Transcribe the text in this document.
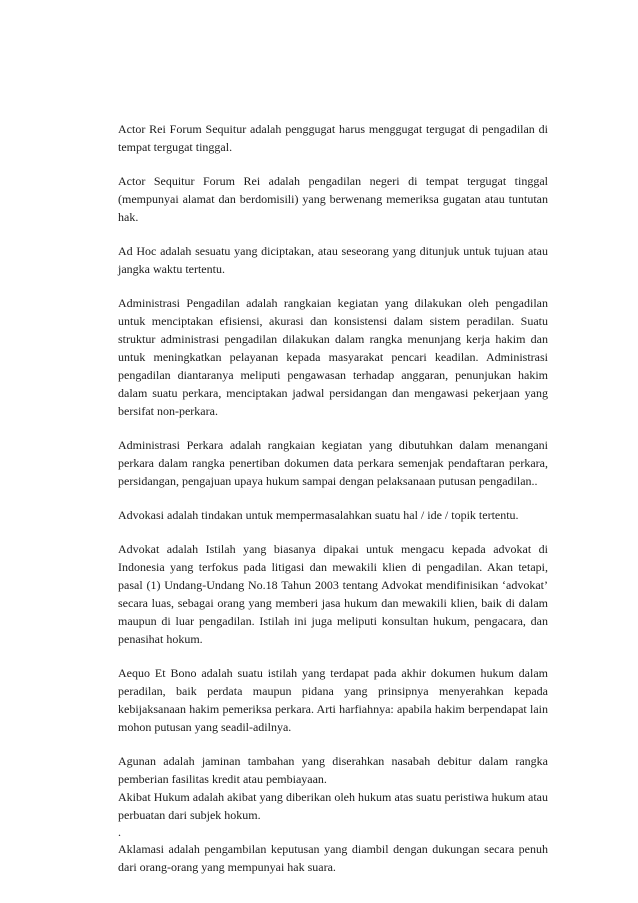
Actor Rei Forum Sequitur adalah penggugat harus menggugat tergugat di pengadilan di tempat tergugat tinggal.

Actor Sequitur Forum Rei adalah pengadilan negeri di tempat tergugat tinggal (mempunyai alamat dan berdomisili) yang berwenang memeriksa gugatan atau tuntutan hak.

Ad Hoc adalah sesuatu yang diciptakan, atau seseorang yang ditunjuk untuk tujuan atau jangka waktu tertentu.

Administrasi Pengadilan adalah rangkaian kegiatan yang dilakukan oleh pengadilan untuk menciptakan efisiensi, akurasi dan konsistensi dalam sistem peradilan. Suatu struktur administrasi pengadilan dilakukan dalam rangka menunjang kerja hakim dan untuk meningkatkan pelayanan kepada masyarakat pencari keadilan. Administrasi pengadilan diantaranya meliputi pengawasan terhadap anggaran, penunjukan hakim dalam suatu perkara, menciptakan jadwal persidangan dan mengawasi pekerjaan yang bersifat non-perkara.

Administrasi Perkara adalah rangkaian kegiatan yang dibutuhkan dalam menangani perkara dalam rangka penertiban dokumen data perkara semenjak pendaftaran perkara, persidangan, pengajuan upaya hukum sampai dengan pelaksanaan putusan pengadilan..

Advokasi adalah tindakan untuk mempermasalahkan suatu hal / ide / topik tertentu.

Advokat adalah Istilah yang biasanya dipakai untuk mengacu kepada advokat di Indonesia yang terfokus pada litigasi dan mewakili klien di pengadilan. Akan tetapi, pasal (1) Undang-Undang No.18 Tahun 2003 tentang Advokat mendifinisikan ‘advokat’ secara luas, sebagai orang yang memberi jasa hukum dan mewakili klien, baik di dalam maupun di luar pengadilan. Istilah ini juga meliputi konsultan hukum, pengacara, dan penasihat hokum.

Aequo Et Bono adalah suatu istilah yang terdapat pada akhir dokumen hukum dalam peradilan, baik perdata maupun pidana yang prinsipnya menyerahkan kepada kebijaksanaan hakim pemeriksa perkara. Arti harfiahnya: apabila hakim berpendapat lain mohon putusan yang seadil-adilnya.

Agunan adalah jaminan tambahan yang diserahkan nasabah debitur dalam rangka pemberian fasilitas kredit atau pembiayaan.

Akibat Hukum adalah akibat yang diberikan oleh hukum atas suatu peristiwa hukum atau perbuatan dari subjek hokum.

.

Aklamasi adalah pengambilan keputusan yang diambil dengan dukungan secara penuh dari orang-orang yang mempunyai hak suara.
